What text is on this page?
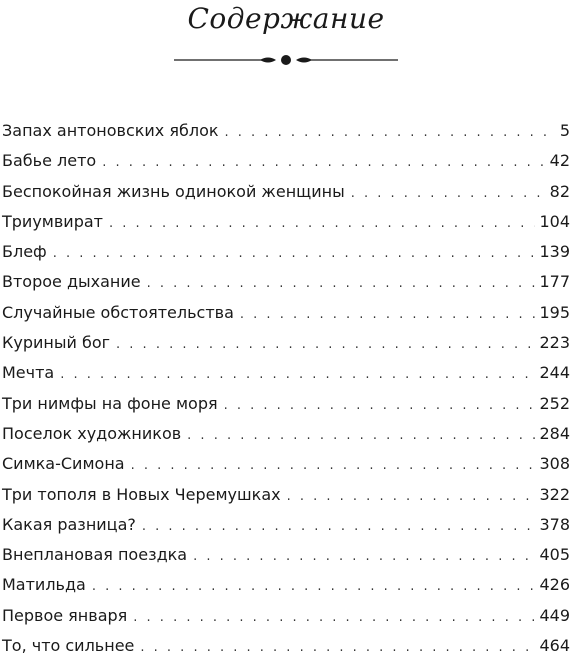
Содержание
Запах антоновских яблок . . .	5
Бабье лето . . .	42
Беспокойная жизнь одинокой женщины . . .	82
Триумвират . . .	104
Блеф . . .	139
Второе дыхание . . .	177
Случайные обстоятельства . . .	195
Куриный бог . . .	223
Мечта . . .	244
Три нимфы на фоне моря . . .	252
Поселок художников . . .	284
Симка-Симона . . .	308
Три тополя в Новых Черемушках . . .	322
Какая разница? . . .	378
Внеплановая поездка . . .	405
Матильда . . .	426
Первое января . . .	449
То, что сильнее . . .	464
